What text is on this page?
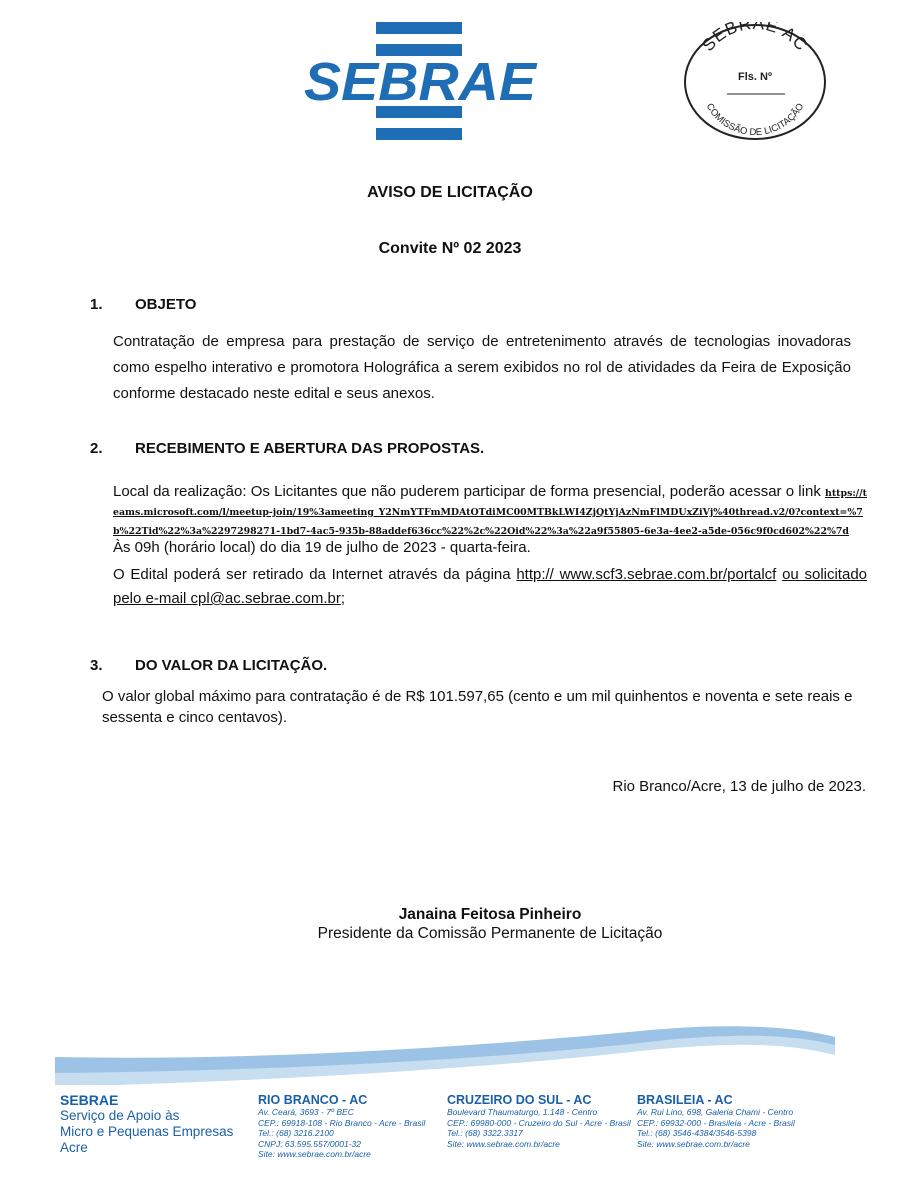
SEBRAE
SEBRAE AC
Fls. Nº
COMISSÃO DE LICITAÇÃO
AVISO DE LICITAÇÃO
Convite Nº 02 2023
1. OBJETO
Contratação de empresa para prestação de serviço de entretenimento através de tecnologias inovadoras como espelho interativo e promotora Holográfica a serem exibidos no rol de atividades da Feira de Exposição conforme destacado neste edital e seus anexos.
2. RECEBIMENTO E ABERTURA DAS PROPOSTAS.
Local da realização: Os Licitantes que não puderem participar de forma presencial, poderão acessar o link https://teams.microsoft.com/l/meetup-join/19%3ameeting_Y2NmYTFmMDAtOTdiMC00MTBkLWI4ZjQtYjAzNmFlMDUxZiVj%40thread.v2/0?context=%7b%22Tid%22%3a%2297298271-1bd7-4ac5-935b-88addef636cc%22%2c%22Oid%22%3a%22a9f55805-6e3a-4ee2-a5de-056c9f0cd602%22%7d
Às 09h (horário local) do dia 19 de julho de 2023 - quarta-feira.
O Edital poderá ser retirado da Internet através da página http:// www.scf3.sebrae.com.br/portalcf ou solicitado pelo e-mail cpl@ac.sebrae.com.br;
3. DO VALOR DA LICITAÇÃO.
O valor global máximo para contratação é de R$ 101.597,65 (cento e um mil quinhentos e noventa e sete reais e sessenta e cinco centavos).
Rio Branco/Acre, 13 de julho de 2023.
Janaina Feitosa Pinheiro
Presidente da Comissão Permanente de Licitação
SEBRAE
Serviço de Apoio às
Micro e Pequenas Empresas
Acre
RIO BRANCO - AC
Av. Ceará, 3693 - 7º BEC
CEP.: 69918-108 - Rio Branco - Acre - Brasil
Tel.: (68) 3216.2100
CNPJ: 63.595.557/0001-32
Site: www.sebrae.com.br/acre
CRUZEIRO DO SUL - AC
Boulevard Thaumaturgo, 1.148 - Centro
CEP.: 69980-000 - Cruzeiro do Sul - Acre - Brasil
Tel.: (68) 3322.3317
Site: www.sebrae.com.br/acre
BRASILEIA - AC
Av. Rui Lino, 698, Galeria Chami - Centro
CEP.: 69932-000 - Brasileia - Acre - Brasil
Tel.: (68) 3546-4384/3546-5398
Site: www.sebrae.com.br/acre
